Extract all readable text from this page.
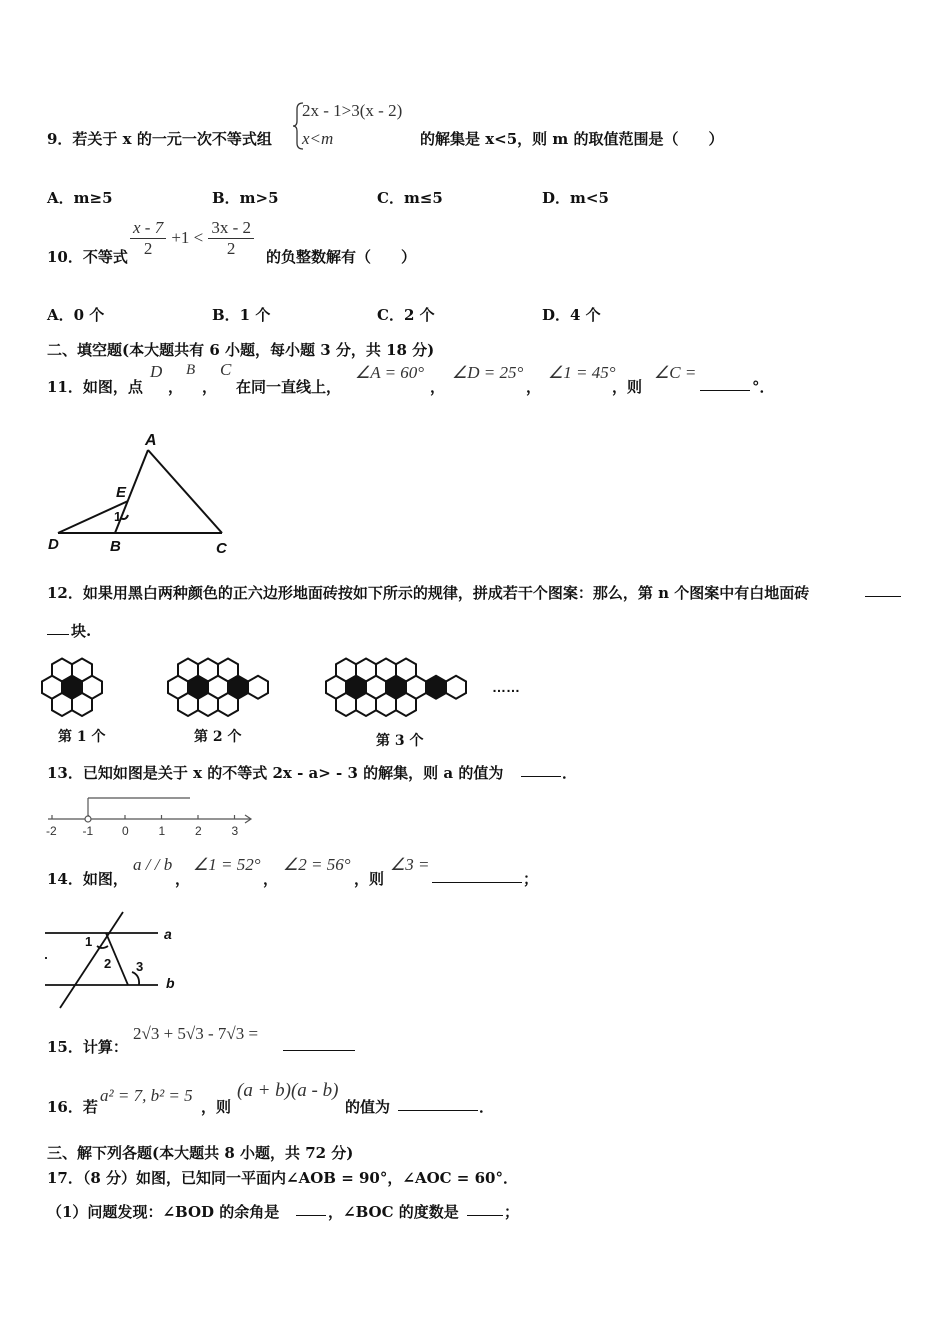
9．若关于 x 的一元一次不等式组
2x - 1>3(x - 2)
x<m	的解集是 x<5，则 m 的取值范围是（　　）
A．m≥5	B．m>5	C．m≤5	D．m<5
10．不等式 $\frac{x - 7}{2} +1 < \frac{3x - 2}{2}$ 的负整数解有（　　）
A．0 个	B．1 个	C．2 个	D．4 个
二、填空题(本大题共有 6 小题，每小题 3 分，共 18 分)
11．如图，点
D
，
B
，
C
在同一直线上，
∠A = 60°
，
∠D = 25°
，
∠1 = 45°
，则
∠C =
°．
A
E
1
D	B	C
12．如果用黑白两种颜色的正六边形地面砖按如下所示的规律，拼成若干个图案：那么，第 n 个图案中有白地面砖
块.
……
第 1 个	第 2 个	第 3 个
13．已知如图是关于 x 的不等式 2x - a> - 3 的解集，则 a 的值为	．
-2 -1 0 1 2 3
14．如图，
a / / b
，
∠1 = 52°
，
∠2 = 56°
，则
∠3 =
；
a
b
1
2 3
15．计算：
2√3 + 5√3 - 7√3 =
16．若
a² = 7, b² = 5
，则
(a + b)(a - b)
的值为	．
三、解下列各题(本大题共 8 小题，共 72 分)
17．（8 分）如图，已知同一平面内∠AOB = 90°，∠AOC = 60°．
（1）问题发现：∠BOD 的余角是	，∠BOC 的度数是	；
